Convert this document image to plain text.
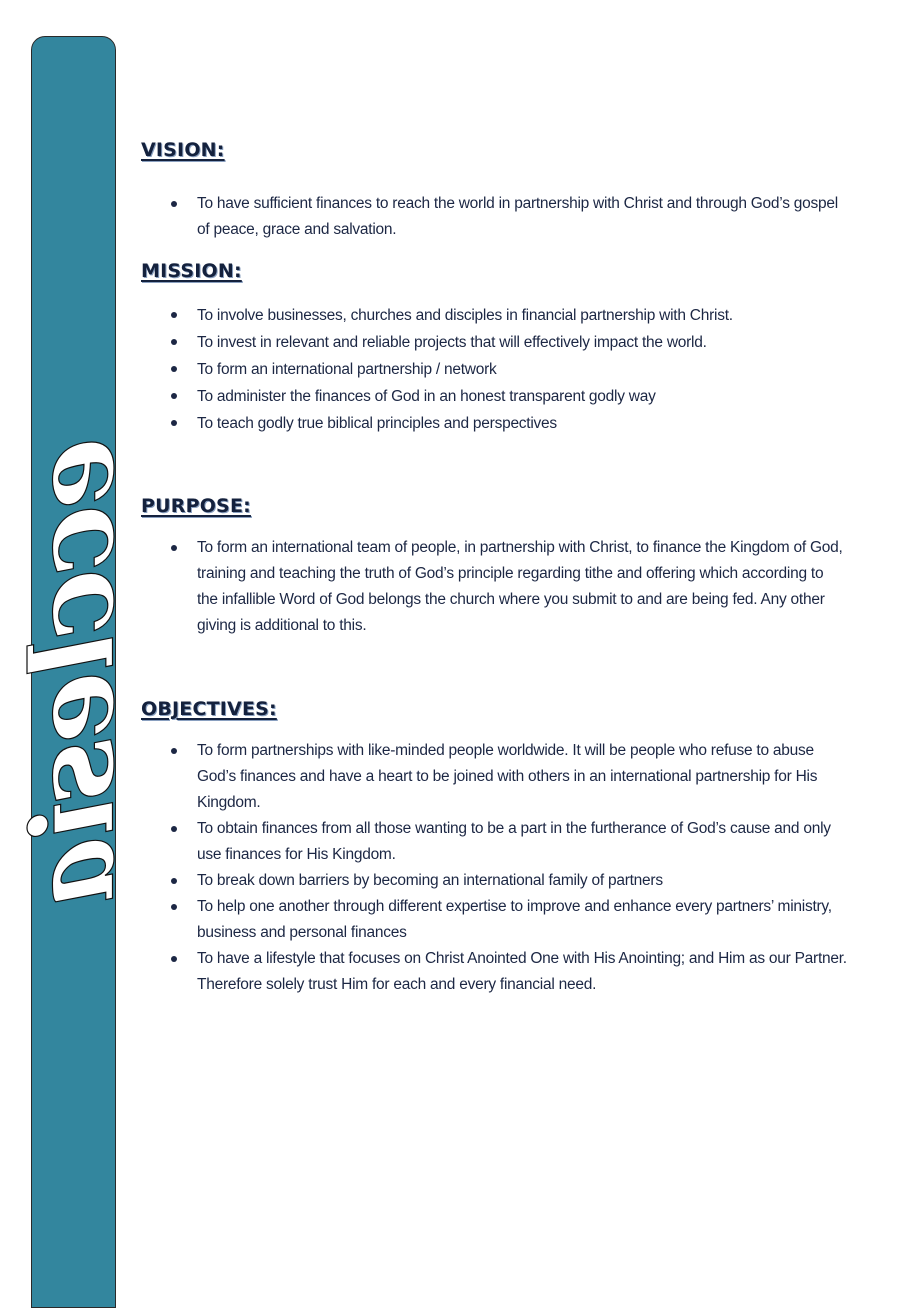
ecclesia
VISION:
To have sufficient finances to reach the world in partnership with Christ and through God’s gospel of peace, grace and salvation.
MISSION:
To involve businesses, churches and disciples in financial partnership with Christ.
To invest in relevant and reliable projects that will effectively impact the world.
To form an international partnership / network
To administer the finances of God in an honest transparent godly way
To teach godly true biblical principles and perspectives
PURPOSE:
To form an international team of people, in partnership with Christ, to finance the Kingdom of God, training and teaching the truth of God’s principle regarding tithe and offering which according to the infallible Word of God belongs the church where you submit to and are being fed. Any other giving is additional to this.
OBJECTIVES:
To form partnerships with like-minded people worldwide. It will be people who refuse to abuse God’s finances and have a heart to be joined with others in an international partnership for His Kingdom.
To obtain finances from all those wanting to be a part in the furtherance of God’s cause and only use finances for His Kingdom.
To break down barriers by becoming an international family of partners
To help one another through different expertise to improve and enhance every partners’ ministry, business and personal finances
To have a lifestyle that focuses on Christ Anointed One with His Anointing; and Him as our Partner. Therefore solely trust Him for each and every financial need.
